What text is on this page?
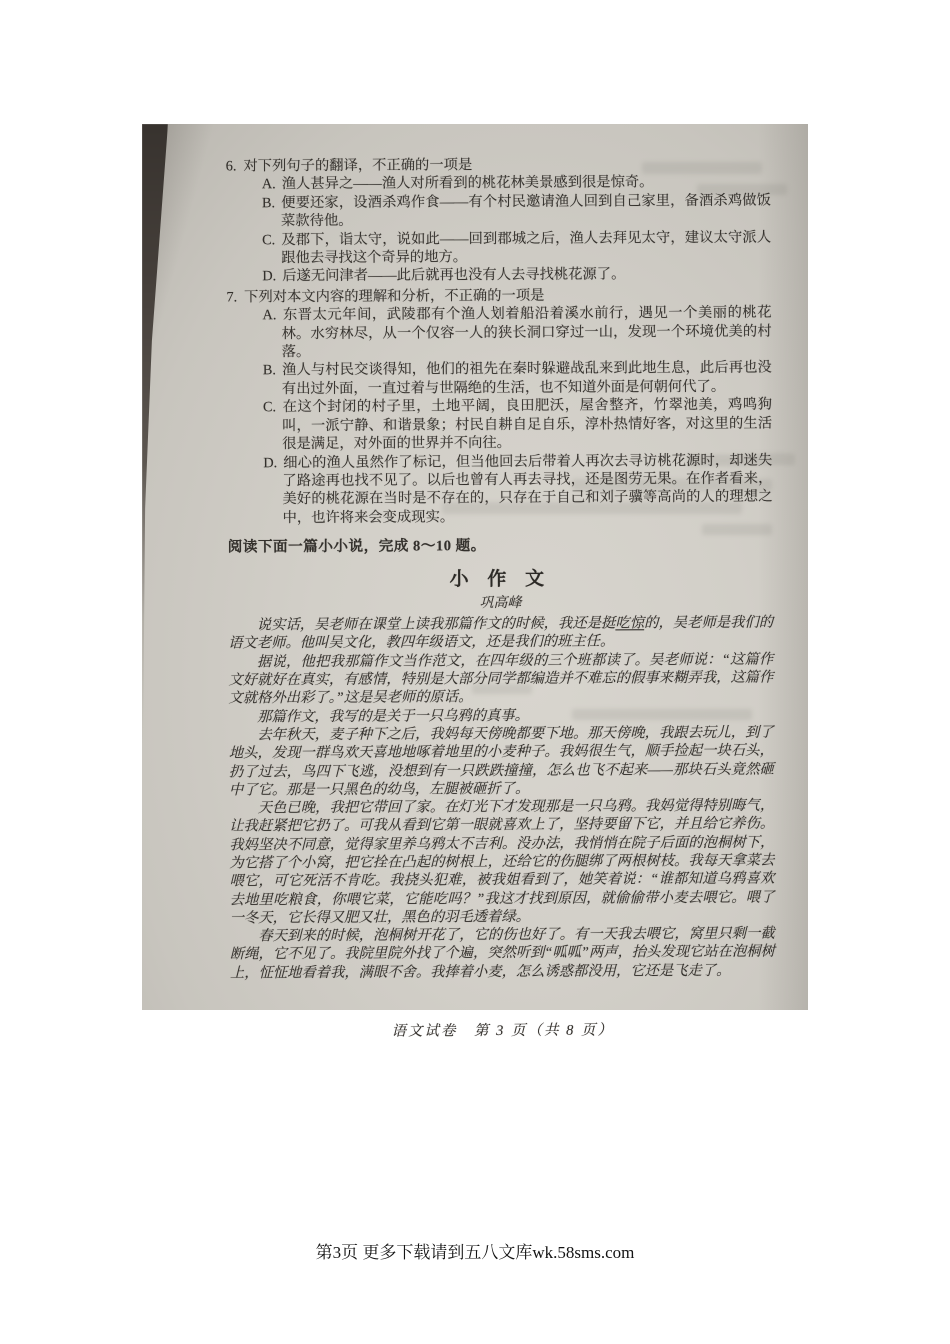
6. 对下列句子的翻译，不正确的一项是
A. 渔人甚异之——渔人对所看到的桃花林美景感到很是惊奇。
B. 便要还家，设酒杀鸡作食——有个村民邀请渔人回到自己家里，备酒杀鸡做饭菜款待他。
C. 及郡下，诣太守，说如此——回到郡城之后，渔人去拜见太守，建议太守派人跟他去寻找这个奇异的地方。
D. 后遂无问津者——此后就再也没有人去寻找桃花源了。
7. 下列对本文内容的理解和分析，不正确的一项是
A. 东晋太元年间，武陵郡有个渔人划着船沿着溪水前行，遇见一个美丽的桃花林。水穷林尽，从一个仅容一人的狭长洞口穿过一山，发现一个环境优美的村落。
B. 渔人与村民交谈得知，他们的祖先在秦时躲避战乱来到此地生息，此后再也没有出过外面，一直过着与世隔绝的生活，也不知道外面是何朝何代了。
C. 在这个封闭的村子里，土地平阔，良田肥沃，屋舍整齐，竹翠池美，鸡鸣狗叫，一派宁静、和谐景象；村民自耕自足自乐，淳朴热情好客，对这里的生活很是满足，对外面的世界并不向往。
D. 细心的渔人虽然作了标记，但当他回去后带着人再次去寻访桃花源时，却迷失了路途再也找不见了。以后也曾有人再去寻找，还是图劳无果。在作者看来，美好的桃花源在当时是不存在的，只存在于自己和刘子骥等高尚的人的理想之中，也许将来会变成现实。
阅读下面一篇小小说，完成 8～10 题。
小 作 文
巩高峰
说实话，吴老师在课堂上读我那篇作文的时候，我还是挺吃惊的，吴老师是我们的语文老师。他叫吴文化，教四年级语文，还是我们的班主任。
据说，他把我那篇作文当作范文，在四年级的三个班都读了。吴老师说：“这篇作文好就好在真实，有感情，特别是大部分同学都编造并不难忘的假事来糊弄我，这篇作文就格外出彩了。”这是吴老师的原话。
那篇作文，我写的是关于一只乌鸦的真事。
去年秋天，麦子种下之后，我妈每天傍晚都要下地。那天傍晚，我跟去玩儿，到了地头，发现一群鸟欢天喜地地啄着地里的小麦种子。我妈很生气，顺手捡起一块石头，扔了过去，鸟四下飞逃，没想到有一只跌跌撞撞，怎么也飞不起来——那块石头竟然砸中了它。那是一只黑色的幼鸟，左腿被砸折了。
天色已晚，我把它带回了家。在灯光下才发现那是一只乌鸦。我妈觉得特别晦气，让我赶紧把它扔了。可我从看到它第一眼就喜欢上了，坚持要留下它，并且给它养伤。我妈坚决不同意，觉得家里养乌鸦太不吉利。没办法，我悄悄在院子后面的泡桐树下，为它搭了个小窝，把它拴在凸起的树根上，还给它的伤腿绑了两根树枝。我每天拿菜去喂它，可它死活不肯吃。我挠头犯难，被我姐看到了，她笑着说：“谁都知道乌鸦喜欢去地里吃粮食，你喂它菜，它能吃吗？”我这才找到原因，就偷偷带小麦去喂它。喂了一冬天，它长得又肥又壮，黑色的羽毛透着绿。
春天到来的时候，泡桐树开花了，它的伤也好了。有一天我去喂它，窝里只剩一截断绳，它不见了。我院里院外找了个遍，突然听到“呱呱”两声，抬头发现它站在泡桐树上，怔怔地看着我，满眼不舍。我捧着小麦，怎么诱惑都没用，它还是飞走了。
语文试卷　第 3 页（共 8 页）
第3页 更多下载请到五八文库wk.58sms.com
